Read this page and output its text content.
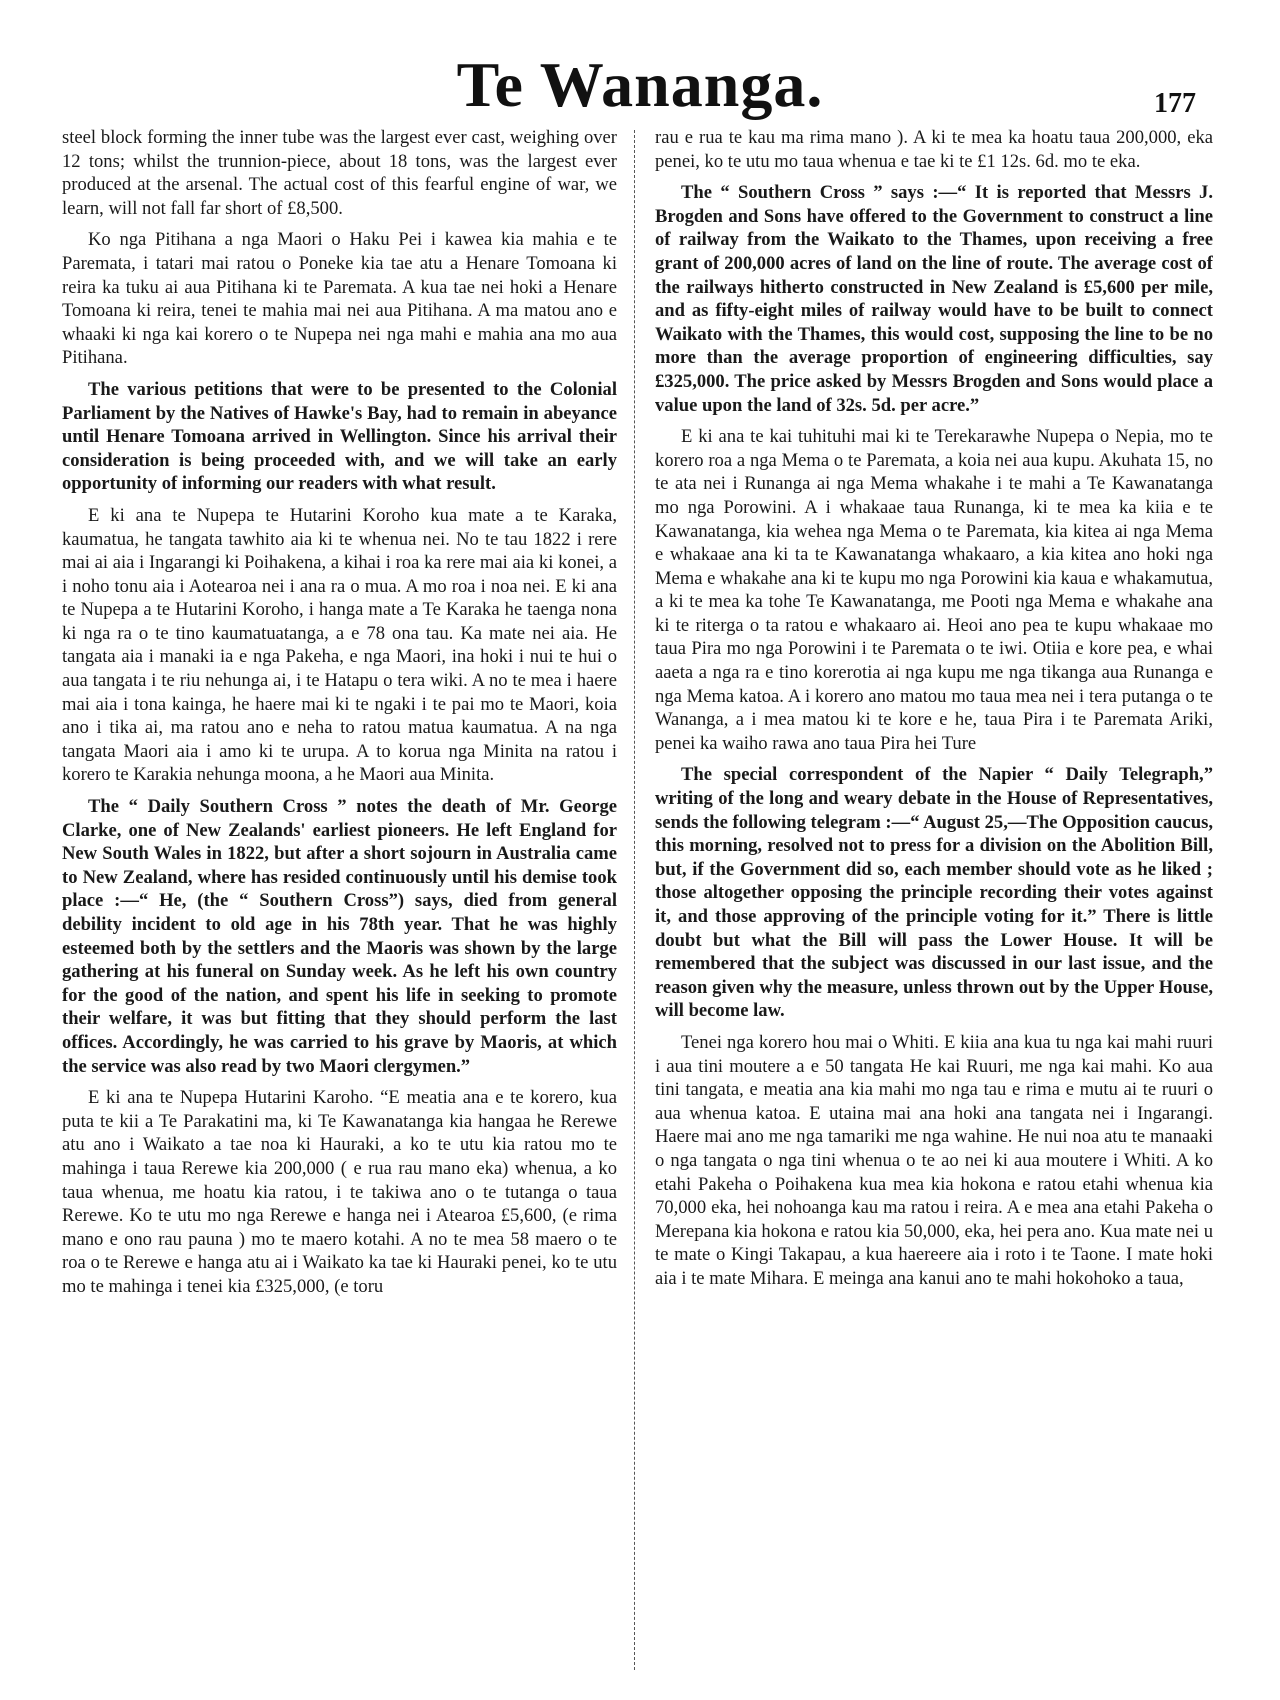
Te Wananga.	177

steel block forming the inner tube was the largest ever cast, weighing over 12 tons; whilst the trunnion-piece, about 18 tons, was the largest ever produced at the arsenal. The actual cost of this fearful engine of war, we learn, will not fall far short of £8,500.

Ko nga Pitihana a nga Maori o Haku Pei i kawea kia mahia e te Paremata, i tatari mai ratou o Poneke kia tae atu a Henare Tomoana ki reira ka tuku ai aua Pitihana ki te Paremata. A kua tae nei hoki a Henare Tomoana ki reira, tenei te mahia mai nei aua Pitihana. A ma matou ano e whaaki ki nga kai korero o te Nupepa nei nga mahi e mahia ana mo aua Pitihana.

The various petitions that were to be presented to the Colonial Parliament by the Natives of Hawke's Bay, had to remain in abeyance until Henare Tomoana arrived in Wellington. Since his arrival their consideration is being proceeded with, and we will take an early opportunity of informing our readers with what result.

E ki ana te Nupepa te Hutarini Koroho kua mate a te Karaka, kaumatua, he tangata tawhito aia ki te whenua nei. No te tau 1822 i rere mai ai aia i Ingarangi ki Poihakena, a kihai i roa ka rere mai aia ki konei, a i noho tonu aia i Aotearoa nei i ana ra o mua. A mo roa i noa nei. E ki ana te Nupepa a te Hutarini Koroho, i hanga mate a Te Karaka he taenga nona ki nga ra o te tino kaumatuatanga, a e 78 ona tau. Ka mate nei aia. He tangata aia i manaki ia e nga Pakeha, e nga Maori, ina hoki i nui te hui o aua tangata i te riu nehunga ai, i te Hatapu o tera wiki. A no te mea i haere mai aia i tona kainga, he haere mai ki te ngaki i te pai mo te Maori, koia ano i tika ai, ma ratou ano e neha to ratou matua kaumatua. A na nga tangata Maori aia i amo ki te urupa. A to korua nga Minita na ratou i korero te Karakia nehunga moona, a he Maori aua Minita.

The “ Daily Southern Cross ” notes the death of Mr. George Clarke, one of New Zealands' earliest pioneers. He left England for New South Wales in 1822, but after a short sojourn in Australia came to New Zealand, where has resided continuously until his demise took place :—“ He, (the “ Southern Cross”) says, died from general debility incident to old age in his 78th year. That he was highly esteemed both by the settlers and the Maoris was shown by the large gathering at his funeral on Sunday week. As he left his own country for the good of the nation, and spent his life in seeking to promote their welfare, it was but fitting that they should perform the last offices. Accordingly, he was carried to his grave by Maoris, at which the service was also read by two Maori clergymen.”

E ki ana te Nupepa Hutarini Karoho. “E meatia ana e te korero, kua puta te kii a Te Parakatini ma, ki Te Kawanatanga kia hangaa he Rerewe atu ano i Waikato a tae noa ki Hauraki, a ko te utu kia ratou mo te mahinga i taua Rerewe kia 200,000 ( e rua rau mano eka) whenua, a ko taua whenua, me hoatu kia ratou, i te takiwa ano o te tutanga o taua Rerewe. Ko te utu mo nga Rerewe e hanga nei i Atearoa £5,600, (e rima mano e ono rau pauna ) mo te maero kotahi. A no te mea 58 maero o te roa o te Rerewe e hanga atu ai i Waikato ka tae ki Hauraki penei, ko te utu mo te mahinga i tenei kia £325,000, (e toru

rau e rua te kau ma rima mano ). A ki te mea ka hoatu taua 200,000, eka penei, ko te utu mo taua whenua e tae ki te £1 12s. 6d. mo te eka.

The “ Southern Cross ” says :—“ It is reported that Messrs J. Brogden and Sons have offered to the Government to construct a line of railway from the Waikato to the Thames, upon receiving a free grant of 200,000 acres of land on the line of route. The average cost of the railways hitherto constructed in New Zealand is £5,600 per mile, and as fifty-eight miles of railway would have to be built to connect Waikato with the Thames, this would cost, supposing the line to be no more than the average proportion of engineering difficulties, say £325,000. The price asked by Messrs Brogden and Sons would place a value upon the land of 32s. 5d. per acre.”

E ki ana te kai tuhituhi mai ki te Terekarawhe Nupepa o Nepia, mo te korero roa a nga Mema o te Paremata, a koia nei aua kupu. Akuhata 15, no te ata nei i Runanga ai nga Mema whakahe i te mahi a Te Kawanatanga mo nga Porowini. A i whakaae taua Runanga, ki te mea ka kiia e te Kawanatanga, kia wehea nga Mema o te Paremata, kia kitea ai nga Mema e whakaae ana ki ta te Kawanatanga whakaaro, a kia kitea ano hoki nga Mema e whakahe ana ki te kupu mo nga Porowini kia kaua e whakamutua, a ki te mea ka tohe Te Kawanatanga, me Pooti nga Mema e whakahe ana ki te riterga o ta ratou e whakaaro ai. Heoi ano pea te kupu whakaae mo taua Pira mo nga Porowini i te Paremata o te iwi. Otiia e kore pea, e whai aaeta a nga ra e tino korerotia ai nga kupu me nga tikanga aua Runanga e nga Mema katoa. A i korero ano matou mo taua mea nei i tera putanga o te Wananga, a i mea matou ki te kore e he, taua Pira i te Paremata Ariki, penei ka waiho rawa ano taua Pira hei Ture

The special correspondent of the Napier “ Daily Telegraph,” writing of the long and weary debate in the House of Representatives, sends the following telegram :—“ August 25,—The Opposition caucus, this morning, resolved not to press for a division on the Abolition Bill, but, if the Government did so, each member should vote as he liked ; those altogether opposing the principle recording their votes against it, and those approving of the principle voting for it.” There is little doubt but what the Bill will pass the Lower House. It will be remembered that the subject was discussed in our last issue, and the reason given why the measure, unless thrown out by the Upper House, will become law.

Tenei nga korero hou mai o Whiti. E kiia ana kua tu nga kai mahi ruuri i aua tini moutere a e 50 tangata He kai Ruuri, me nga kai mahi. Ko aua tini tangata, e meatia ana kia mahi mo nga tau e rima e mutu ai te ruuri o aua whenua katoa. E utaina mai ana hoki ana tangata nei i Ingarangi. Haere mai ano me nga tamariki me nga wahine. He nui noa atu te manaaki o nga tangata o nga tini whenua o te ao nei ki aua moutere i Whiti. A ko etahi Pakeha o Poihakena kua mea kia hokona e ratou etahi whenua kia 70,000 eka, hei nohoanga kau ma ratou i reira. A e mea ana etahi Pakeha o Merepana kia hokona e ratou kia 50,000, eka, hei pera ano. Kua mate nei u te mate o Kingi Takapau, a kua haereere aia i roto i te Taone. I mate hoki aia i te mate Mihara. E meinga ana kanui ano te mahi hokohoko a taua,
